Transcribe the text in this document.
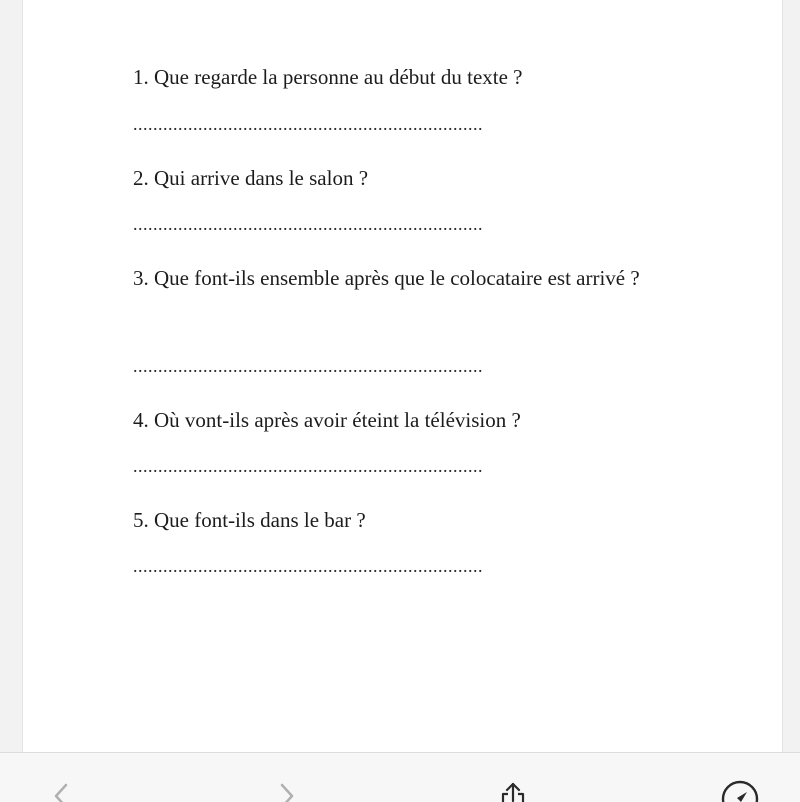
1. Que regarde la personne au début du texte ?
......................................................................
2. Qui arrive dans le salon ?
......................................................................
3. Que font-ils ensemble après que le colocataire est arrivé ?
......................................................................
4. Où vont-ils après avoir éteint la télévision ?
......................................................................
5. Que font-ils dans le bar ?
......................................................................
